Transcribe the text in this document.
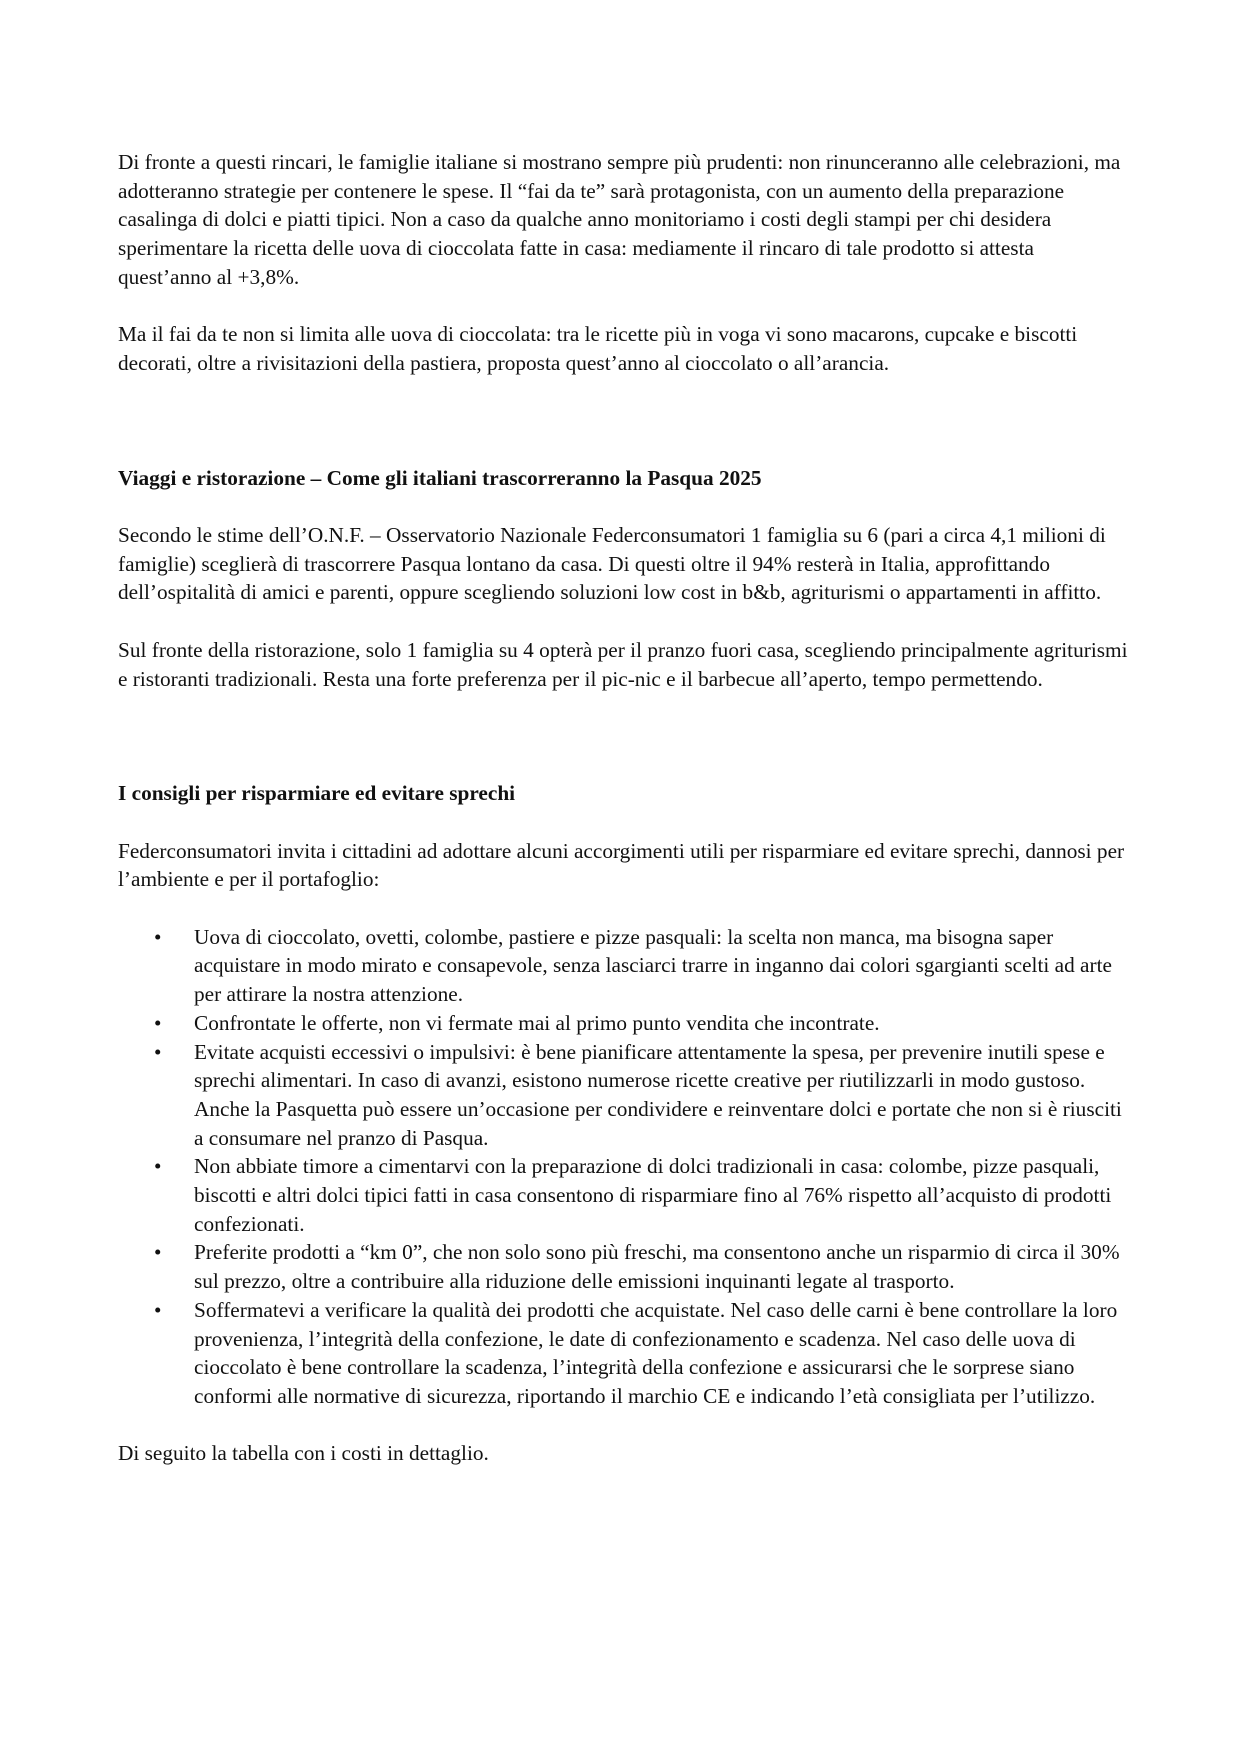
Di fronte a questi rincari, le famiglie italiane si mostrano sempre più prudenti: non rinunceranno alle celebrazioni, ma adotteranno strategie per contenere le spese. Il “fai da te” sarà protagonista, con un aumento della preparazione casalinga di dolci e piatti tipici. Non a caso da qualche anno monitoriamo i costi degli stampi per chi desidera sperimentare la ricetta delle uova di cioccolata fatte in casa: mediamente il rincaro di tale prodotto si attesta quest’anno al +3,8%.

Ma il fai da te non si limita alle uova di cioccolata: tra le ricette più in voga vi sono macarons, cupcake e biscotti decorati, oltre a rivisitazioni della pastiera, proposta quest’anno al cioccolato o all’arancia.

Viaggi e ristorazione – Come gli italiani trascorreranno la Pasqua 2025

Secondo le stime dell’O.N.F. – Osservatorio Nazionale Federconsumatori 1 famiglia su 6 (pari a circa 4,1 milioni di famiglie) sceglierà di trascorrere Pasqua lontano da casa. Di questi oltre il 94% resterà in Italia, approfittando dell’ospitalità di amici e parenti, oppure scegliendo soluzioni low cost in b&b, agriturismi o appartamenti in affitto.

Sul fronte della ristorazione, solo 1 famiglia su 4 opterà per il pranzo fuori casa, scegliendo principalmente agriturismi e ristoranti tradizionali. Resta una forte preferenza per il pic-nic e il barbecue all’aperto, tempo permettendo.

I consigli per risparmiare ed evitare sprechi

Federconsumatori invita i cittadini ad adottare alcuni accorgimenti utili per risparmiare ed evitare sprechi, dannosi per l’ambiente e per il portafoglio:

• Uova di cioccolato, ovetti, colombe, pastiere e pizze pasquali: la scelta non manca, ma bisogna saper acquistare in modo mirato e consapevole, senza lasciarci trarre in inganno dai colori sgargianti scelti ad arte per attirare la nostra attenzione.
• Confrontate le offerte, non vi fermate mai al primo punto vendita che incontrate.
• Evitate acquisti eccessivi o impulsivi: è bene pianificare attentamente la spesa, per prevenire inutili spese e sprechi alimentari. In caso di avanzi, esistono numerose ricette creative per riutilizzarli in modo gustoso. Anche la Pasquetta può essere un’occasione per condividere e reinventare dolci e portate che non si è riusciti a consumare nel pranzo di Pasqua.
• Non abbiate timore a cimentarvi con la preparazione di dolci tradizionali in casa: colombe, pizze pasquali, biscotti e altri dolci tipici fatti in casa consentono di risparmiare fino al 76% rispetto all’acquisto di prodotti confezionati.
• Preferite prodotti a “km 0”, che non solo sono più freschi, ma consentono anche un risparmio di circa il 30% sul prezzo, oltre a contribuire alla riduzione delle emissioni inquinanti legate al trasporto.
• Soffermatevi a verificare la qualità dei prodotti che acquistate. Nel caso delle carni è bene controllare la loro provenienza, l’integrità della confezione, le date di confezionamento e scadenza. Nel caso delle uova di cioccolato è bene controllare la scadenza, l’integrità della confezione e assicurarsi che le sorprese siano conformi alle normative di sicurezza, riportando il marchio CE e indicando l’età consigliata per l’utilizzo.

Di seguito la tabella con i costi in dettaglio.
